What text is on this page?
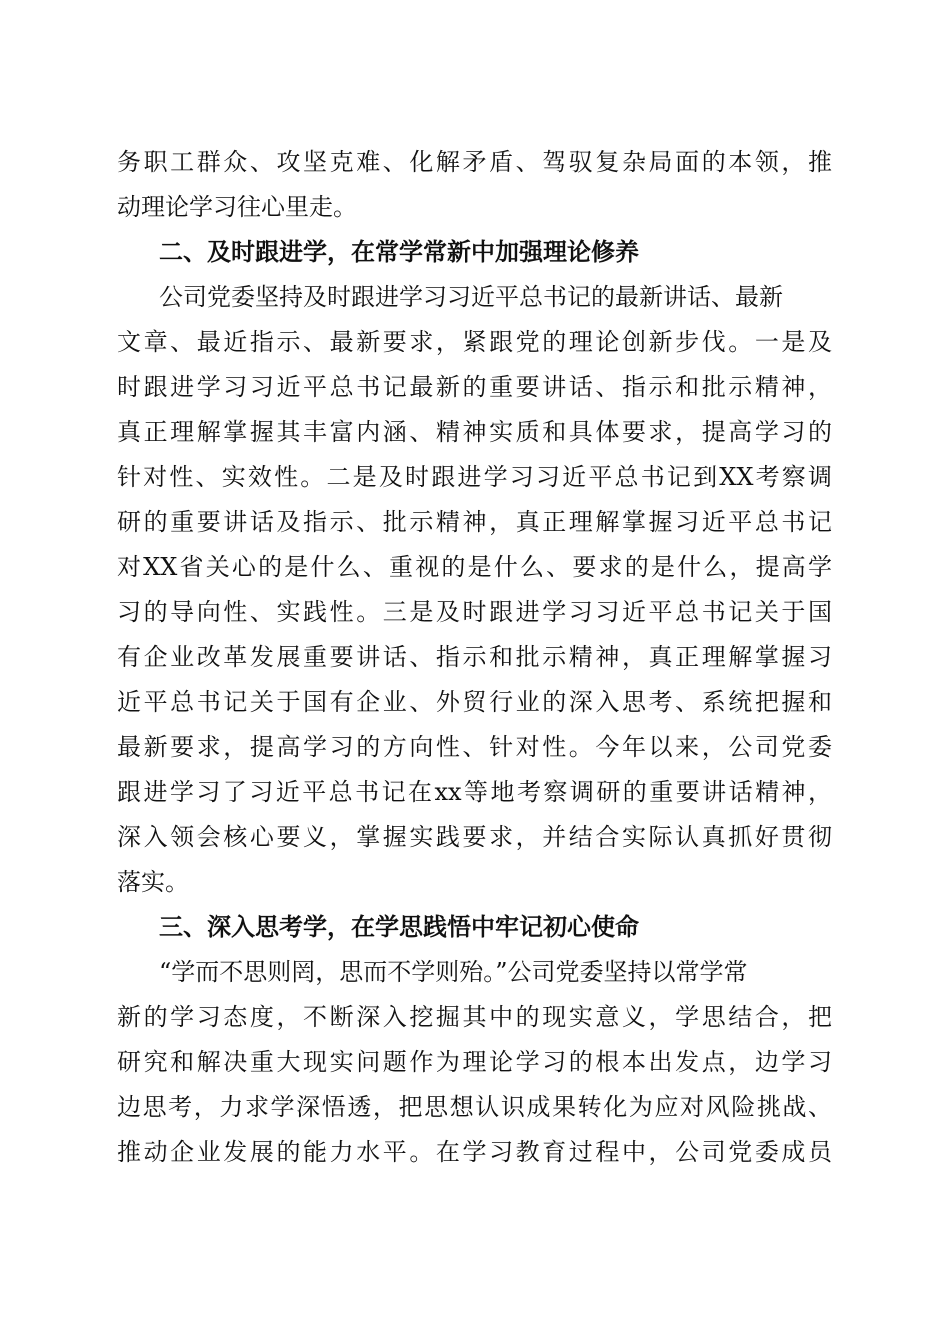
务职工群众、攻坚克难、化解矛盾、驾驭复杂局面的本领，推
动理论学习往心里走。
二、及时跟进学，在常学常新中加强理论修养
公司党委坚持及时跟进学习习近平总书记的最新讲话、最新
文章、最近指示、最新要求，紧跟党的理论创新步伐。一是及
时跟进学习习近平总书记最新的重要讲话、指示和批示精神，
真正理解掌握其丰富内涵、精神实质和具体要求，提高学习的
针对性、实效性。二是及时跟进学习习近平总书记到XX考察调
研的重要讲话及指示、批示精神，真正理解掌握习近平总书记
对XX省关心的是什么、重视的是什么、要求的是什么，提高学
习的导向性、实践性。三是及时跟进学习习近平总书记关于国
有企业改革发展重要讲话、指示和批示精神，真正理解掌握习
近平总书记关于国有企业、外贸行业的深入思考、系统把握和
最新要求，提高学习的方向性、针对性。今年以来，公司党委
跟进学习了习近平总书记在xx等地考察调研的重要讲话精神，
深入领会核心要义，掌握实践要求，并结合实际认真抓好贯彻
落实。
三、深入思考学，在学思践悟中牢记初心使命
“学而不思则罔，思而不学则殆。”公司党委坚持以常学常
新的学习态度，不断深入挖掘其中的现实意义，学思结合，把
研究和解决重大现实问题作为理论学习的根本出发点，边学习
边思考，力求学深悟透，把思想认识成果转化为应对风险挑战、
推动企业发展的能力水平。在学习教育过程中，公司党委成员
